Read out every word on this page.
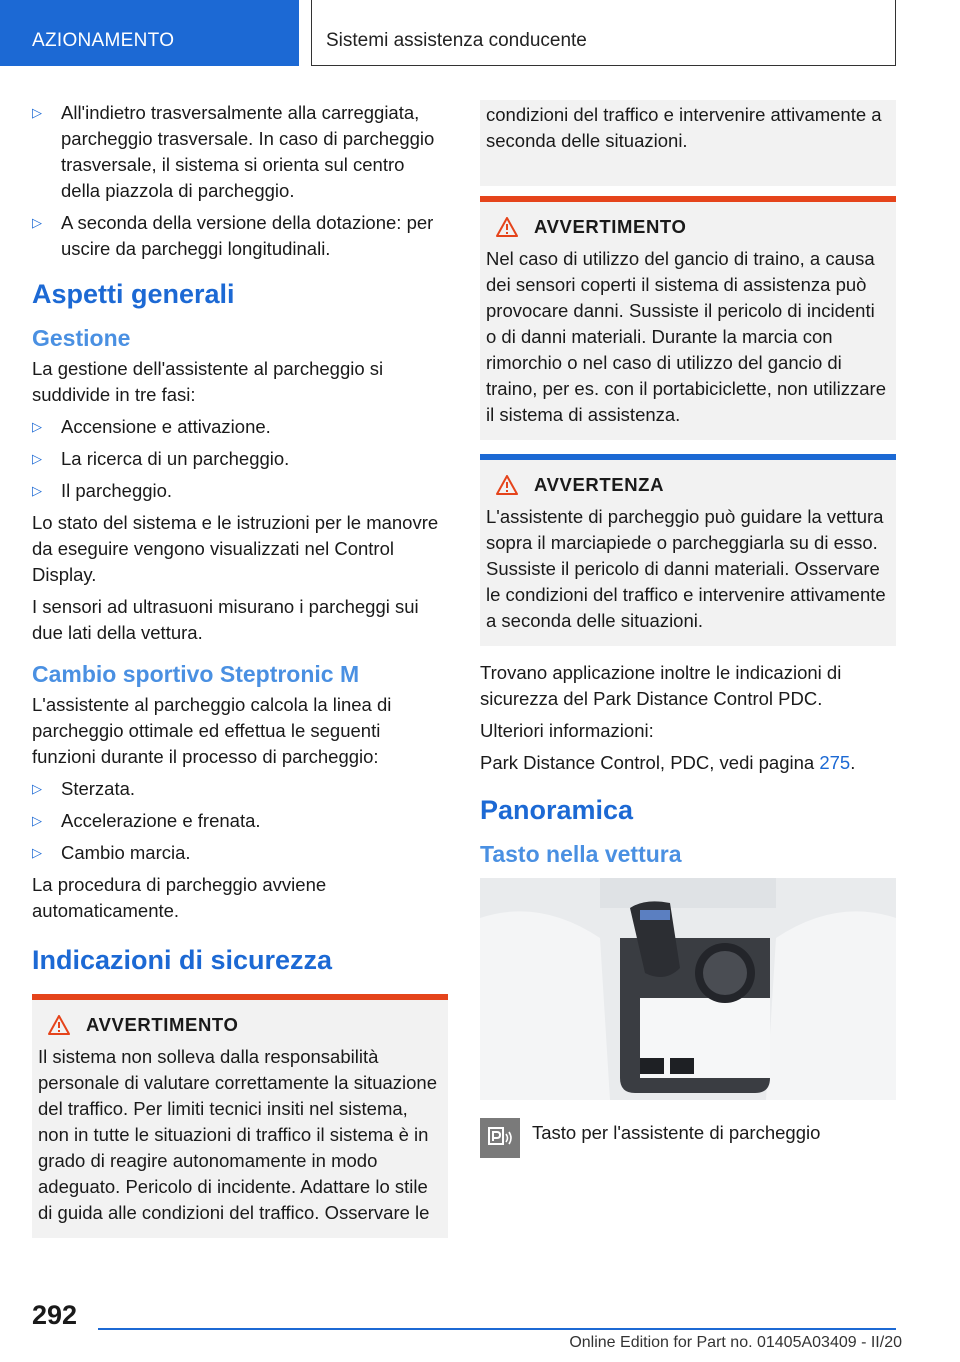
AZIONAMENTO	Sistemi assistenza conducente
▷ All'indietro trasversalmente alla carreggiata, parcheggio trasversale. In caso di parcheggio trasversale, il sistema si orienta sul centro della piazzola di parcheggio.
▷ A seconda della versione della dotazione: per uscire da parcheggi longitudinali.
Aspetti generali
Gestione

La gestione dell'assistente al parcheggio si suddivide in tre fasi:

▷ Accensione e attivazione.
▷ La ricerca di un parcheggio.
▷ Il parcheggio.

Lo stato del sistema e le istruzioni per le manovre da eseguire vengono visualizzati nel Control Display.

I sensori ad ultrasuoni misurano i parcheggi sui due lati della vettura.

Cambio sportivo Steptronic M

L'assistente al parcheggio calcola la linea di parcheggio ottimale ed effettua le seguenti funzioni durante il processo di parcheggio:

▷ Sterzata.
▷ Accelerazione e frenata.
▷ Cambio marcia.

La procedura di parcheggio avviene automaticamente.

Indicazioni di sicurezza
AVVERTIMENTO
Il sistema non solleva dalla responsabilità personale di valutare correttamente la situazione del traffico. Per limiti tecnici insiti nel sistema, non in tutte le situazioni di traffico il sistema è in grado di reagire autonomamente in modo adeguato. Pericolo di incidente. Adattare lo stile di guida alle condizioni del traffico. Osservare le
condizioni del traffico e intervenire attivamente a seconda delle situazioni.
AVVERTIMENTO
Nel caso di utilizzo del gancio di traino, a causa dei sensori coperti il sistema di assistenza può provocare danni. Sussiste il pericolo di incidenti o di danni materiali. Durante la marcia con rimorchio o nel caso di utilizzo del gancio di traino, per es. con il portabiciclette, non utilizzare il sistema di assistenza.
AVVERTENZA
L'assistente di parcheggio può guidare la vettura sopra il marciapiede o parcheggiarla su di esso. Sussiste il pericolo di danni materiali. Osservare le condizioni del traffico e intervenire attivamente a seconda delle situazioni.

Trovano applicazione inoltre le indicazioni di sicurezza del Park Distance Control PDC.

Ulteriori informazioni:

Park Distance Control, PDC, vedi pagina 275.

Panoramica
Tasto nella vettura
Tasto per l'assistente di parcheggio
292
Online Edition for Part no. 01405A03409 - II/20
